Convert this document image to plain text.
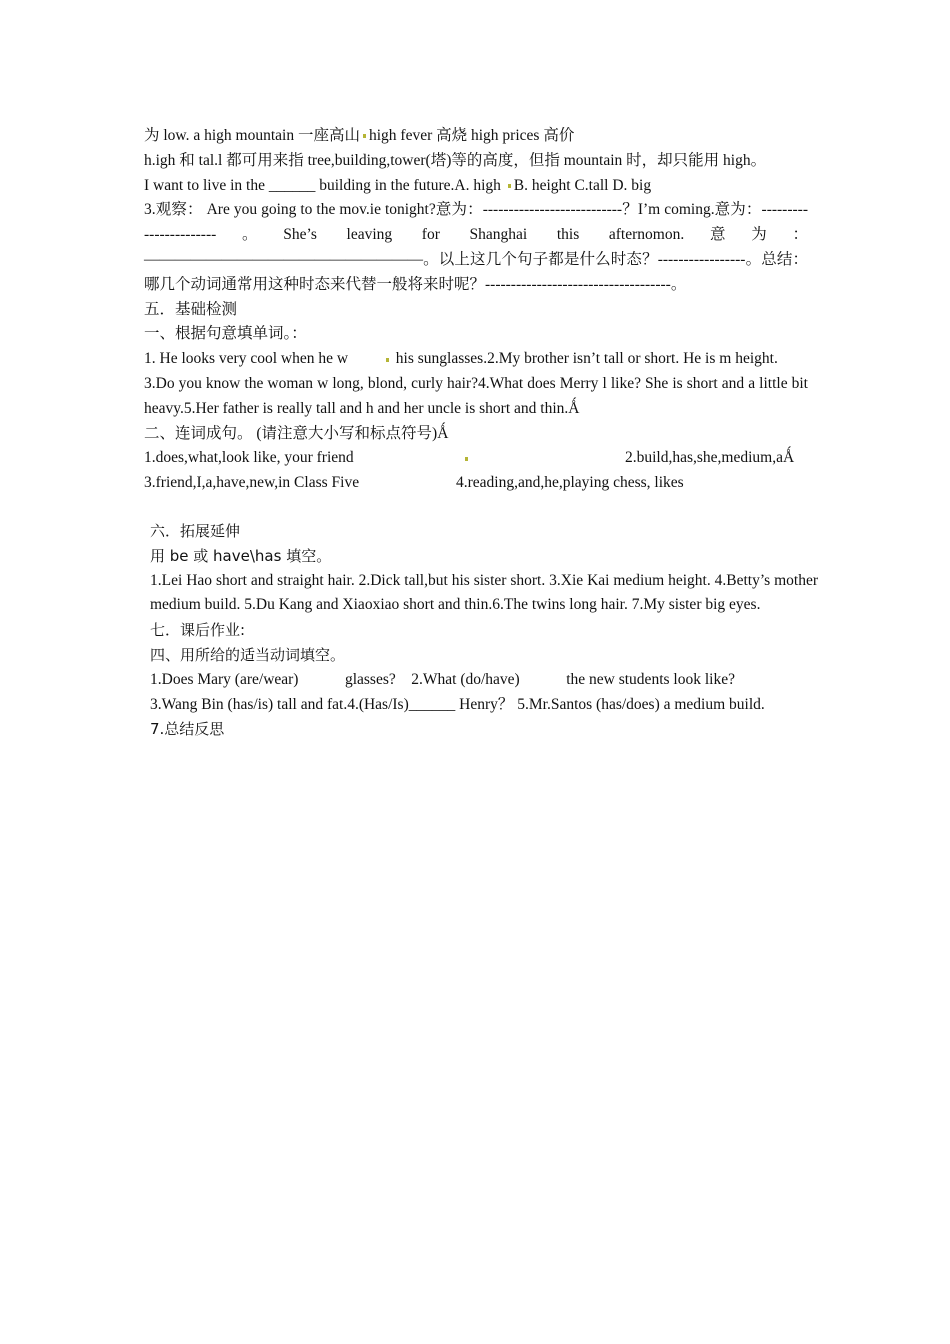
为 low. a high mountain 一座高山 high fever 高烧 high prices 高价

h.igh 和 tal.l 都可用来指 tree,building,tower(塔)等的高度，但指 mountain 时，却只能用 high。

I want to live in the ______ building in the future.A. high B. height C.tall D. big

3.观察： Are you going to the mov.ie tonight?意为：---------------------------？I’m coming.意为：-----------------------。She’s leaving for Shanghai this afternomon.意为：——————————————————。以上这几个句子都是什么时态？-----------------。总结：哪几个动词通常用这种时态来代替一般将来时呢？------------------------------------。

五．基础检测

一、根据句意填单词。：

1. He looks very cool when he w	his sunglasses.2.My brother isn’t tall or short. He is m height.

3.Do you know the woman w long, blond, curly hair?4.What does Merry l like? She is short and a little bit heavy.5.Her father is really tall and h and her uncle is short and thin.Ǻ

二、连词成句。 (请注意大小写和标点符号)Ǻ

1.does,what,look like, your friend	2.build,has,she,medium,aǺ
3.friend,I,a,have,new,in Class Five	4.reading,and,he,playing chess, likes

六．拓展延伸

用 be 或 have\has 填空。

1.Lei Hao short and straight hair. 2.Dick tall,but his sister short. 3.Xie Kai medium height. 4.Betty’s mother medium build. 5.Du Kang and Xiaoxiao short and thin.6.The twins long hair. 7.My sister big eyes.

七．课后作业:

四、用所给的适当动词填空。

1.Does Mary (are/wear)            glasses?    2.What (do/have)            the new students look like?

3.Wang Bin (has/is) tall and fat.4.(Has/Is)______ Henry？ 5.Mr.Santos (has/does) a medium build.

7.总结反思
